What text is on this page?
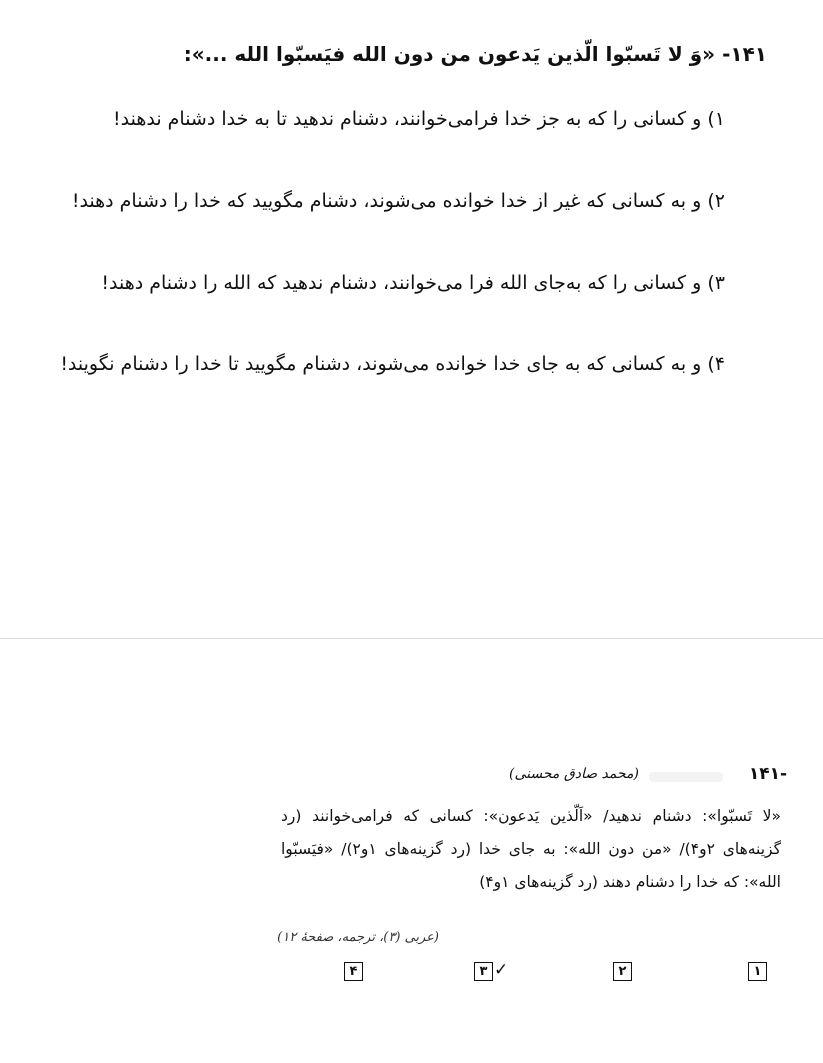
۱۴۱- «وَ لا تَسبّوا الّذین یَدعون من دون الله فیَسبّوا الله ...»:
۱) و کسانی را که به جز خدا فرامی‌خوانند، دشنام ندهید تا به خدا دشنام ندهند!
۲) و به کسانی که غیر از خدا خوانده می‌شوند، دشنام مگویید که خدا را دشنام دهند!
۳) و کسانی را که به‌جای الله فرا می‌خوانند، دشنام ندهید که الله را دشنام دهند!
۴) و به کسانی که به جای خدا خوانده می‌شوند، دشنام مگویید تا خدا را دشنام نگویند!
۱۴۱-
(محمد صادق محسنی)
«لا تَسبّوا»: دشنام ندهید/ «اَلّذین یَدعون»: کسانی که فرامی‌خوانند (رد گزینه‌های ۲و۴)/ «من دون الله»: به جای خدا (رد گزینه‌های ۱و۲)/ «فیَسبّوا الله»: که خدا را دشنام دهند (رد گزینه‌های ۱و۴)
(عربی (۳)، ترجمه، صفحهٔ ۱۲)
۱
۲
۳ ✓
۴
